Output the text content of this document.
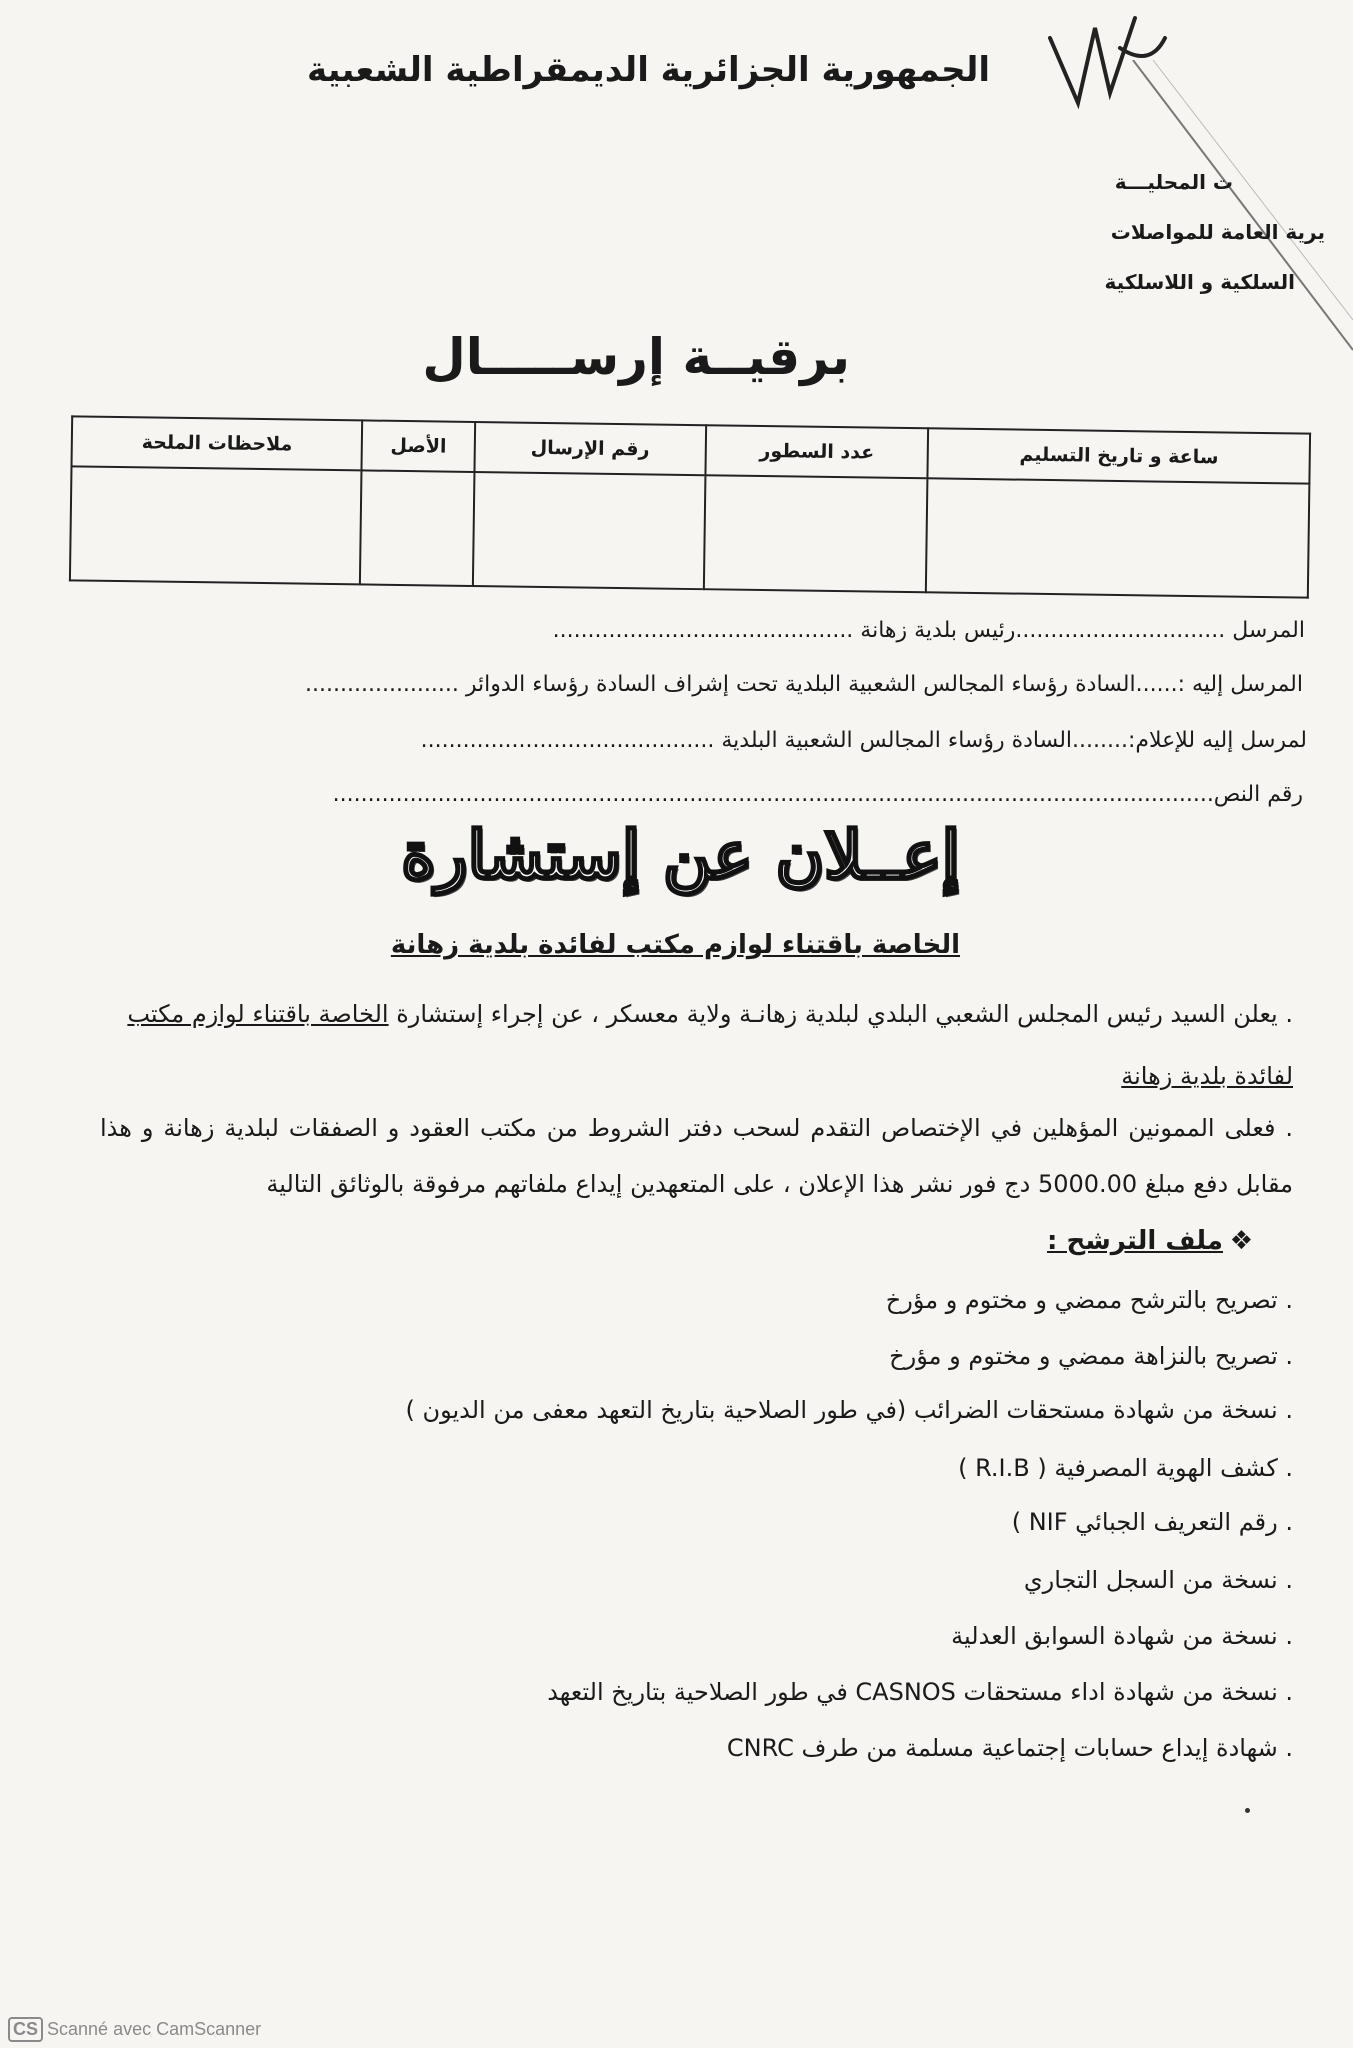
الجمهورية الجزائرية الديمقراطية الشعبية
ت المحليـــة
يرية العامة للمواصلات
السلكية و اللاسلكية
برقيــة إرســـــال
ساعة و تاريخ التسليم	عدد السطور	رقم الإرسال	الأصل	ملاحظات الملحة

المرسل ..............................رئيس بلدية زهانة ...........................................
المرسل إليه :......السادة رؤساء المجالس الشعبية البلدية تحت إشراف السادة رؤساء الدوائر ......................
لمرسل إليه للإعلام:........السادة رؤساء المجالس الشعبية البلدية ..........................................
رقم النص..............................................................................................................................
إعــلان عن إستشارة
الخاصة باقتناء لوازم مكتب لفائدة بلدية زهانة
. يعلن السيد رئيس المجلس الشعبي البلدي لبلدية زهانـة ولاية معسكر ، عن إجراء إستشارة الخاصة باقتناء لوازم مكتب
لفائدة بلدية زهانة
. فعلى الممونين المؤهلين في الإختصاص التقدم لسحب دفتر الشروط من مكتب العقود و الصفقات لبلدية زهانة و هذا مقابل دفع مبلغ 5000.00 دج فور نشر هذا الإعلان ، على المتعهدين إيداع ملفاتهم مرفوقة بالوثائق التالية
❖
ملف الترشح :
. تصريح بالترشح ممضي و مختوم و مؤرخ
. تصريح بالنزاهة ممضي و مختوم و مؤرخ
. نسخة من شهادة مستحقات الضرائب (في طور الصلاحية بتاريخ التعهد معفى من الديون )
. كشف الهوية المصرفية ( R.I.B )
. رقم التعريف الجبائي NIF )
. نسخة من السجل التجاري
. نسخة من شهادة السوابق العدلية
. نسخة من شهادة اداء مستحقات CASNOS في طور الصلاحية بتاريخ التعهد
. شهادة إيداع حسابات إجتماعية مسلمة من طرف CNRC
CS Scanné avec CamScanner
